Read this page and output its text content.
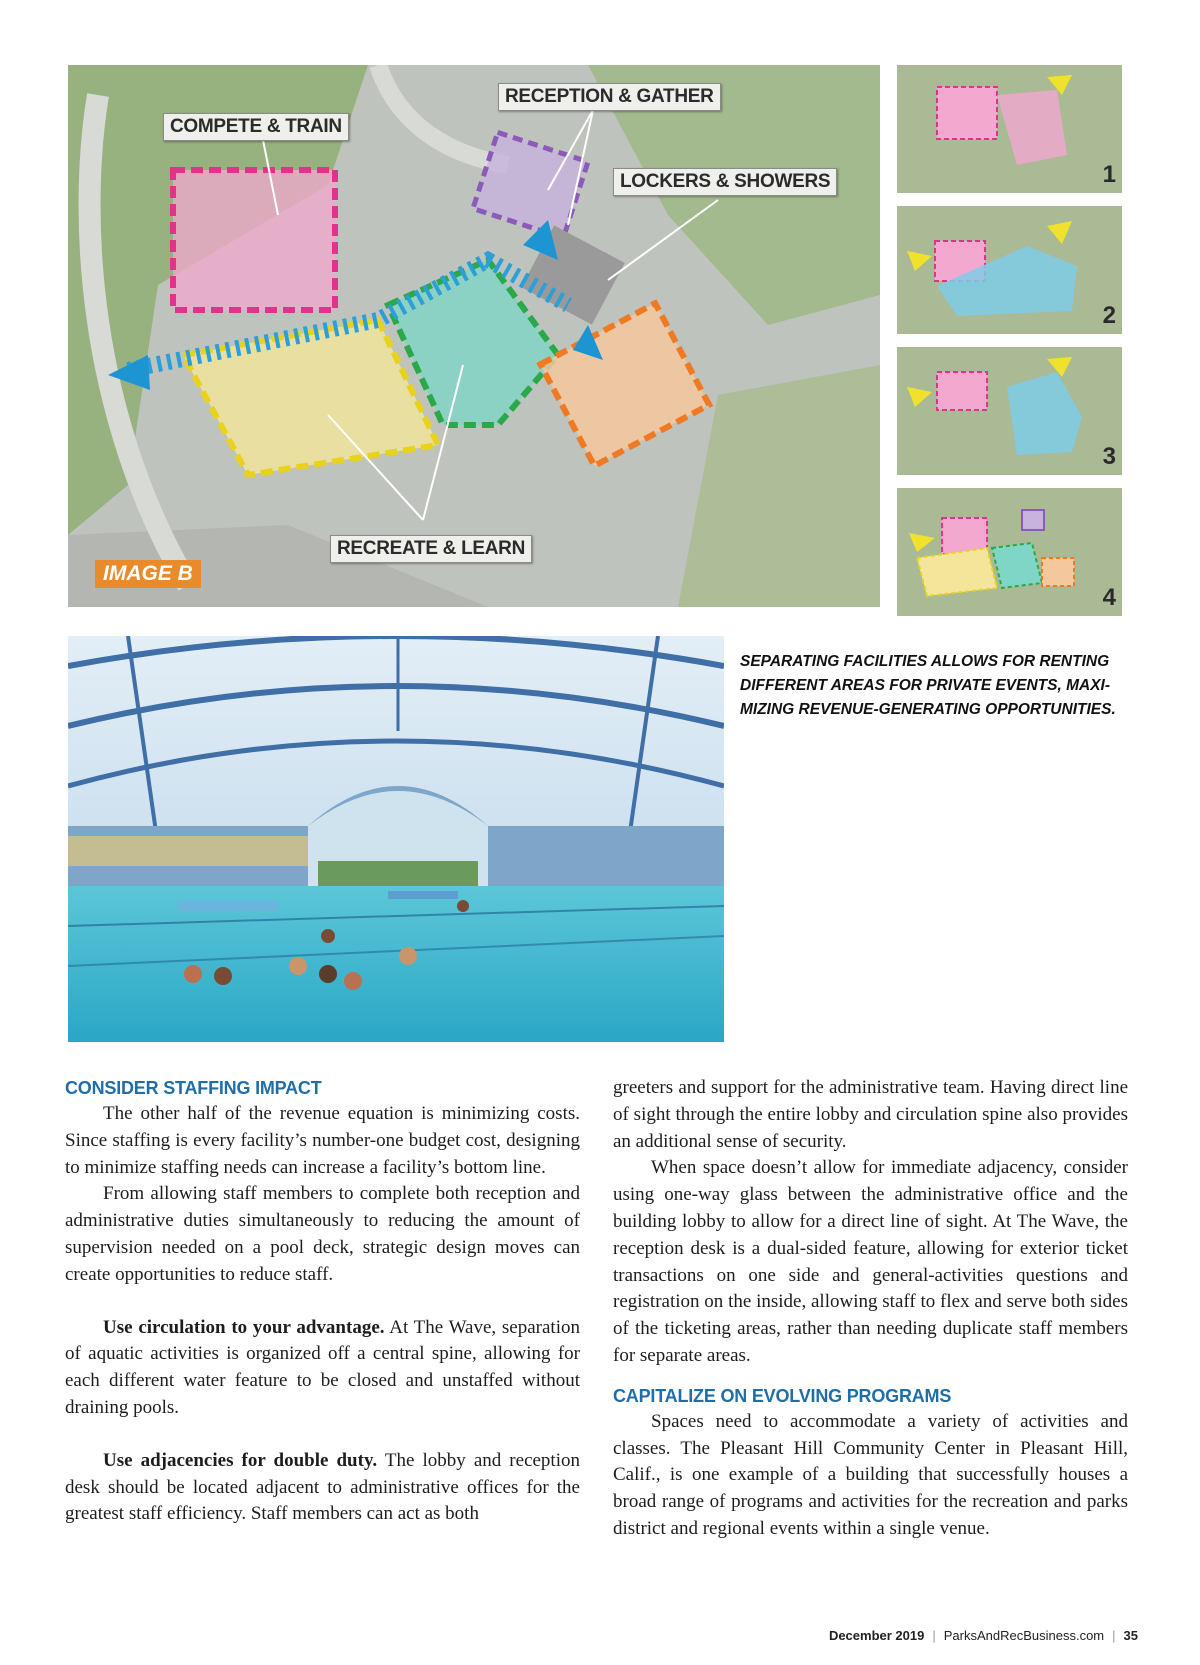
COMPETE & TRAIN
RECEPTION & GATHER
LOCKERS & SHOWERS
RECREATE & LEARN
IMAGE B
1
2
3
4
SEPARATING FACILITIES ALLOWS FOR RENTING DIFFERENT AREAS FOR PRIVATE EVENTS, MAXI-MIZING REVENUE-GENERATING OPPORTUNITIES.
CONSIDER STAFFING IMPACT

The other half of the revenue equation is minimizing costs. Since staffing is every facility’s number-one budget cost, designing to minimize staffing needs can increase a facility’s bottom line.

From allowing staff members to complete both reception and administrative duties simultaneously to reducing the amount of supervision needed on a pool deck, strategic design moves can create opportunities to reduce staff.

Use circulation to your advantage. At The Wave, separation of aquatic activities is organized off a central spine, allowing for each different water feature to be closed and unstaffed without draining pools.

Use adjacencies for double duty. The lobby and reception desk should be located adjacent to administrative offices for the greatest staff efficiency. Staff members can act as both

greeters and support for the administrative team. Having direct line of sight through the entire lobby and circulation spine also provides an additional sense of security.

When space doesn’t allow for immediate adjacency, consider using one-way glass between the administrative office and the building lobby to allow for a direct line of sight. At The Wave, the reception desk is a dual-sided feature, allowing for exterior ticket transactions on one side and general-activities questions and registration on the inside, allowing staff to flex and serve both sides of the ticketing areas, rather than needing duplicate staff members for separate areas.

CAPITALIZE ON EVOLVING PROGRAMS

Spaces need to accommodate a variety of activities and classes. The Pleasant Hill Community Center in Pleasant Hill, Calif., is one example of a building that successfully houses a broad range of programs and activities for the recreation and parks district and regional events within a single venue.

December 2019 | ParksAndRecBusiness.com | 35
